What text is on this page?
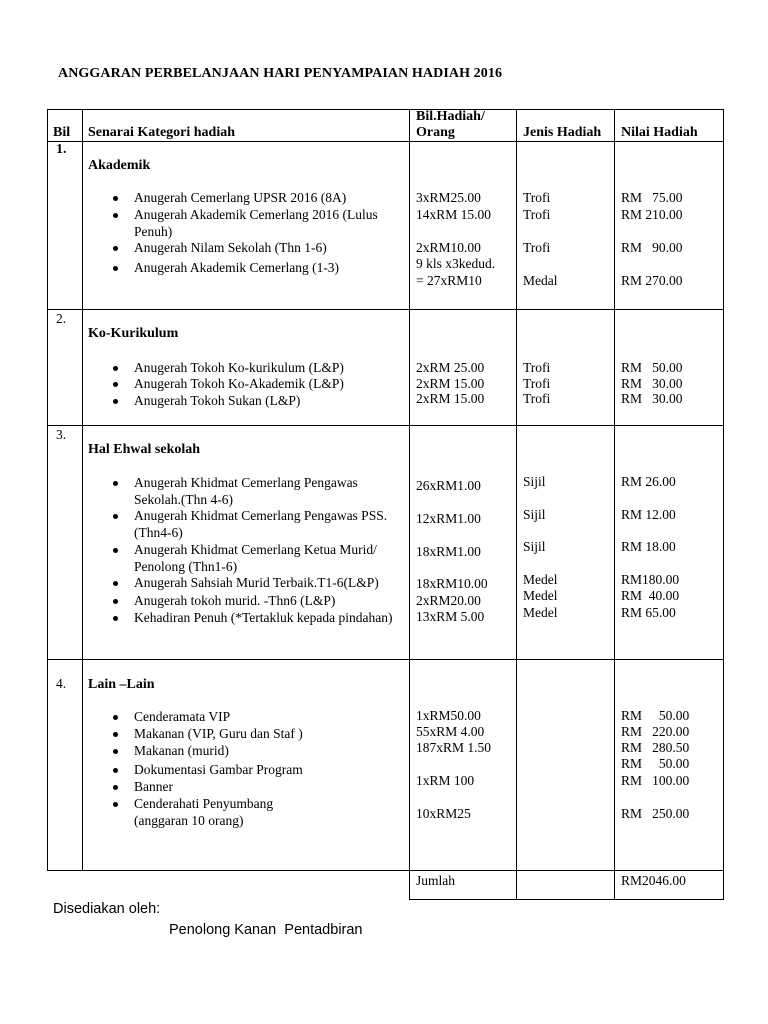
ANGGARAN PERBELANJAAN HARI PENYAMPAIAN HADIAH 2016
Bil Senarai Kategori hadiah
Bil.Hadiah/
Orang	Jenis Hadiah Nilai Hadiah
1.
Akademik
Anugerah Cemerlang UPSR 2016 (8A)
Anugerah Akademik Cemerlang 2016 (Lulus
Penuh)
Anugerah Nilam Sekolah (Thn 1-6)
Anugerah Akademik Cemerlang (1-3)
3xRM25.00
14xRM 15.00
2xRM10.00
9 kls x3kedud.
= 27xRM10
Trofi
Trofi
Trofi
Medal
RM   75.00
RM 210.00
RM   90.00
RM 270.00
2.
Ko-Kurikulum
Anugerah Tokoh Ko-kurikulum (L&P)
Anugerah Tokoh Ko-Akademik (L&P)
Anugerah Tokoh Sukan (L&P)
2xRM 25.00
2xRM 15.00
2xRM 15.00
Trofi
Trofi
Trofi
RM   50.00
RM   30.00
RM   30.00
3.
Hal Ehwal sekolah
Anugerah Khidmat Cemerlang Pengawas
Sekolah.(Thn 4-6)
Anugerah Khidmat Cemerlang Pengawas PSS.
(Thn4-6)
Anugerah Khidmat Cemerlang Ketua Murid/
Penolong (Thn1-6)
Anugerah Sahsiah Murid Terbaik.T1-6(L&P)
Anugerah tokoh murid. -Thn6 (L&P)
Kehadiran Penuh (*Tertakluk kepada pindahan)
26xRM1.00
12xRM1.00
18xRM1.00
18xRM10.00
2xRM20.00
13xRM 5.00
Sijil
Sijil
Sijil
Medel
Medel
Medel
RM 26.00
RM 12.00
RM 18.00
RM180.00
RM  40.00
RM 65.00
4. Lain –Lain
Cenderamata VIP
Makanan (VIP, Guru dan Staf )
Makanan (murid)
Dokumentasi Gambar Program
Banner
Cenderahati Penyumbang
(anggaran 10 orang)
1xRM50.00
55xRM 4.00
187xRM 1.50
1xRM 100
10xRM25
RM     50.00
RM   220.00
RM   280.50
RM     50.00
RM   100.00
RM   250.00
Jumlah	RM2046.00
Disediakan oleh:
Penolong Kanan  Pentadbiran
